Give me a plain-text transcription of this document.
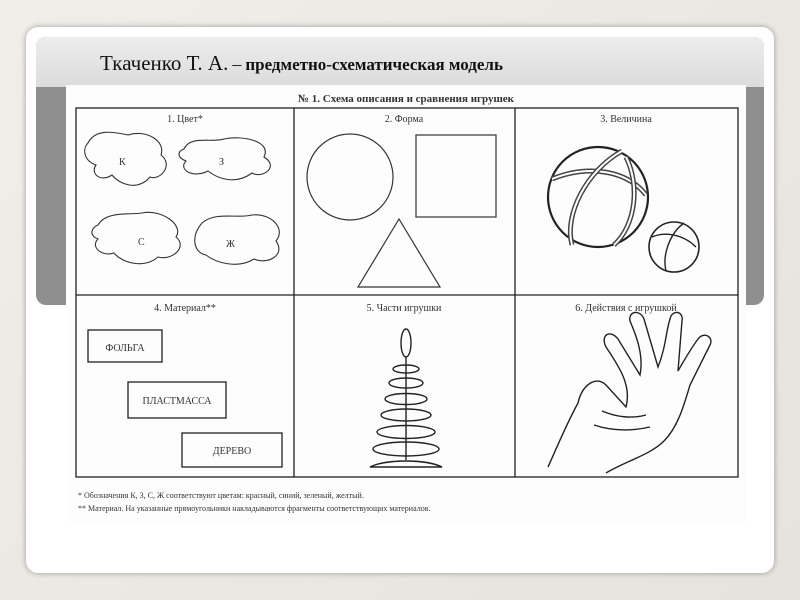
Ткаченко Т. А. – предметно-схематическая модель
№ 1. Схема описания и сравнения игрушек
1. Цвет*	2. Форма	3. Величина
4. Материал**	5. Части игрушки	6. Действия с игрушкой
К	З
С	Ж
ФОЛЬГА
ПЛАСТМАССА
ДЕРЕВО
* Обозначения К, З, С, Ж соответствуют цветам: красный, синий, зеленый, желтый.
** Материал. На указанные прямоугольники накладываются фрагменты соответствующих материалов.
